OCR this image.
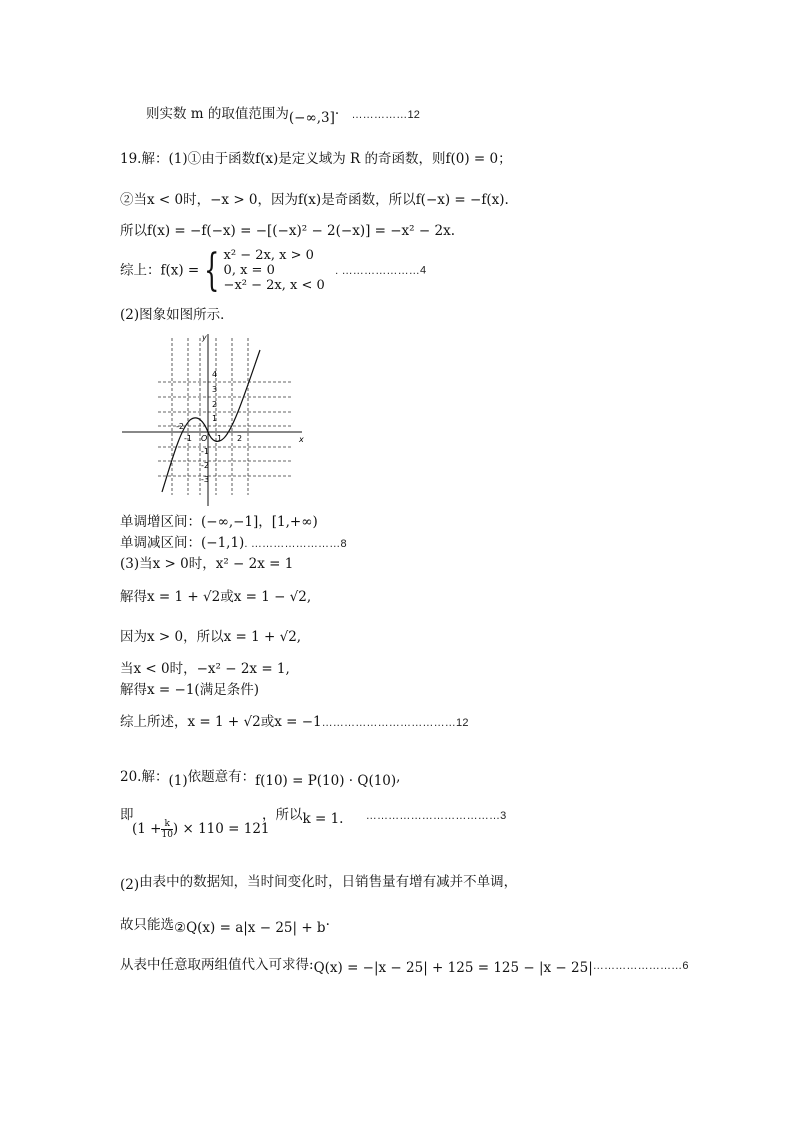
则实数 m 的取值范围为(−∞,3]· ……………12
19.解：(1)①由于函数f(x)是定义域为 R 的奇函数，则f(0) = 0；
②当x < 0时，−x > 0，因为f(x)是奇函数，所以f(−x) = −f(x).
所以f(x) = −f(−x) = −[(−x)² − 2(−x)] = −x² − 2x.
综上：f(x) = { x² − 2x, x > 0
0, x = 0
−x² − 2x, x < 0
. …………………4
(2)图象如图所示．
y
x
O
4
3
2
1
-1
-2
-3
-2
-1	1 2
单调增区间：(−∞,−1]，[1,+∞)
单调减区间：(−1,1). ……………………8
(3)当x > 0时，x² − 2x = 1
解得x = 1 + √2或x = 1 − √2,
因为x > 0，所以x = 1 + √2,
当x < 0时，−x² − 2x = 1,
解得x = −1(满足条件)
综上所述，x = 1 + √2或x = −1………………………………12
20.解：(1)依题意有：f(10) = P(10) · Q(10),
即
($1 + \frac{k}{10}$ ) × 110 = 121
，所以k = 1. ………………………………3
(2)由表中的数据知，当时间变化时，日销售量有增有减并不单调，
故只能选②Q(x) = a|x − 25| + b·
从表中任意取两组值代入可求得:Q(x) = −|x − 25| + 125 = 125 − |x − 25|……………………6
